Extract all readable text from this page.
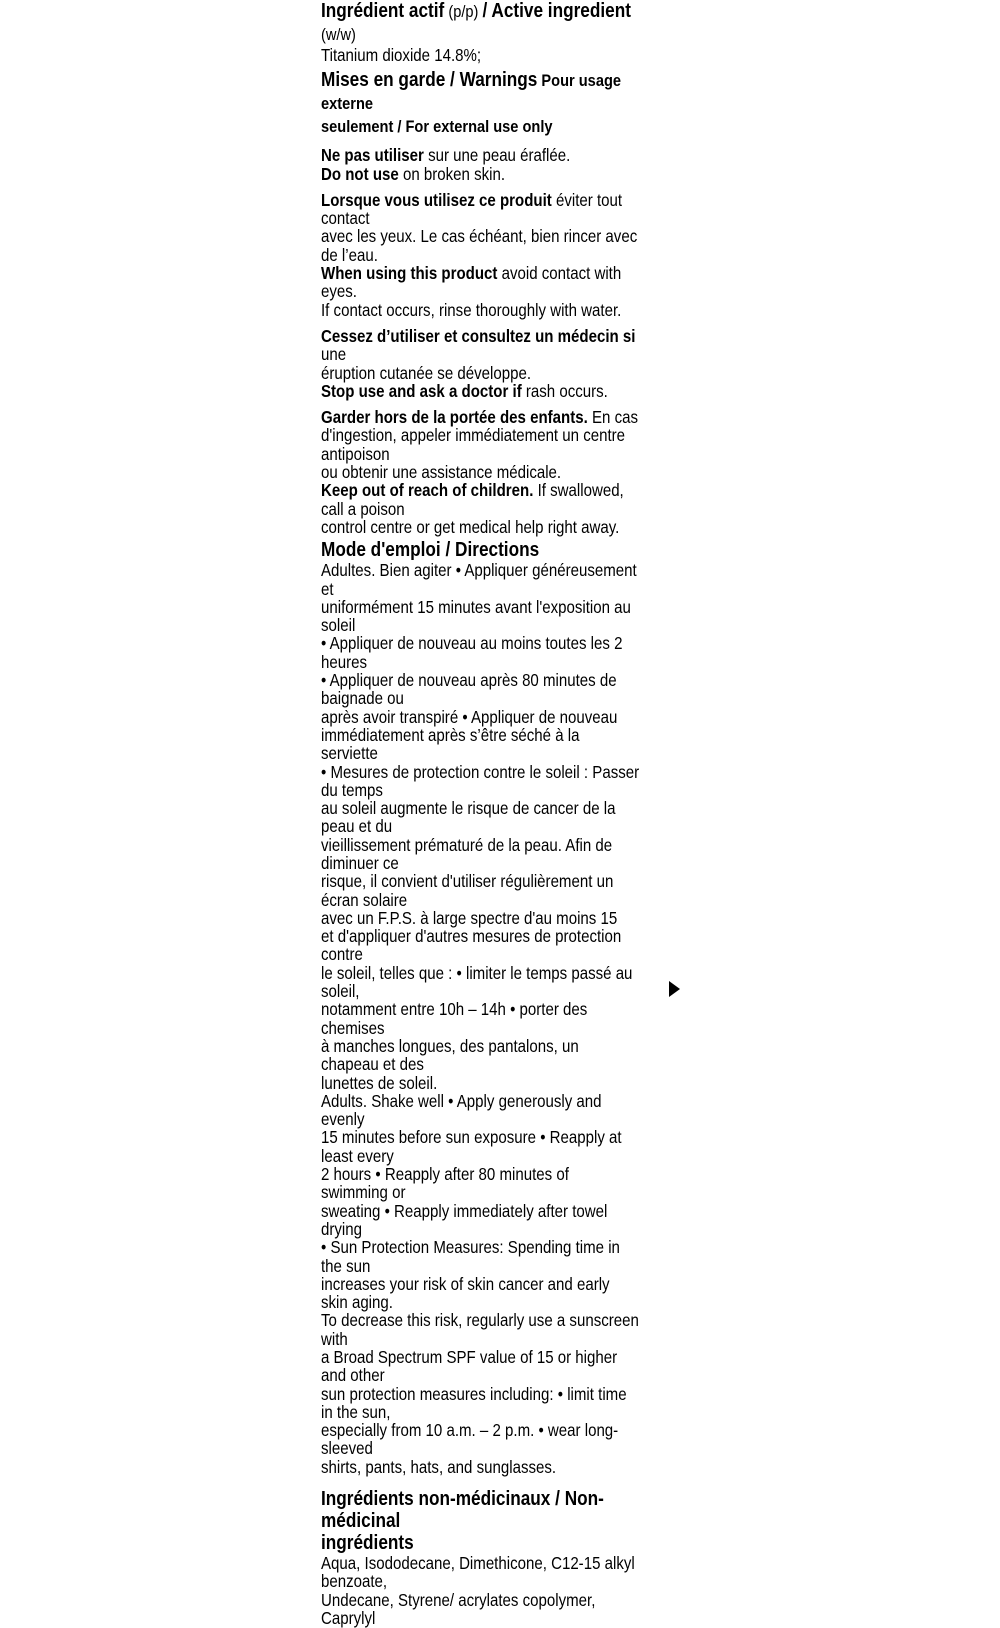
Ingrédient actif (p/p) / Active ingredient (w/w)

Titanium dioxide 14.8%;

Mises en garde / Warnings Pour usage externe
seulement / For external use only
Ne pas utiliser sur une peau éraflée.
Do not use on broken skin.
Lorsque vous utilisez ce produit éviter tout contact
avec les yeux. Le cas échéant, bien rincer avec de l’eau.
When using this product avoid contact with eyes.
If contact occurs, rinse thoroughly with water.
Cessez d’utiliser et consultez un médecin si une
éruption cutanée se développe.
Stop use and ask a doctor if rash occurs.
Garder hors de la portée des enfants. En cas
d'ingestion, appeler immédiatement un centre antipoison
ou obtenir une assistance médicale.
Keep out of reach of children. If swallowed, call a poison
control centre or get medical help right away.
Mode d'emploi / Directions
Adultes. Bien agiter • Appliquer généreusement et
uniformément 15 minutes avant l'exposition au soleil
• Appliquer de nouveau au moins toutes les 2 heures
• Appliquer de nouveau après 80 minutes de baignade ou
après avoir transpiré • Appliquer de nouveau
immédiatement après s’être séché à la serviette
• Mesures de protection contre le soleil : Passer du temps
au soleil augmente le risque de cancer de la peau et du
vieillissement prématuré de la peau. Afin de diminuer ce
risque, il convient d'utiliser régulièrement un écran solaire
avec un F.P.S. à large spectre d'au moins 15
et d'appliquer d'autres mesures de protection contre
le soleil, telles que : • limiter le temps passé au soleil,
notamment entre 10h – 14h • porter des chemises
à manches longues, des pantalons, un chapeau et des
lunettes de soleil.
Adults. Shake well • Apply generously and evenly
15 minutes before sun exposure • Reapply at least every
2 hours • Reapply after 80 minutes of swimming or
sweating • Reapply immediately after towel drying
• Sun Protection Measures: Spending time in the sun
increases your risk of skin cancer and early skin aging.
To decrease this risk, regularly use a sunscreen with
a Broad Spectrum SPF value of 15 or higher and other
sun protection measures including: • limit time in the sun,
especially from 10 a.m. – 2 p.m. • wear long-sleeved
shirts, pants, hats, and sunglasses.
Ingrédients non-médicinaux / Non-médicinal
ingrédients
Aqua, Isododecane, Dimethicone, C12-15 alkyl benzoate,
Undecane, Styrene/ acrylates copolymer, Caprylyl
